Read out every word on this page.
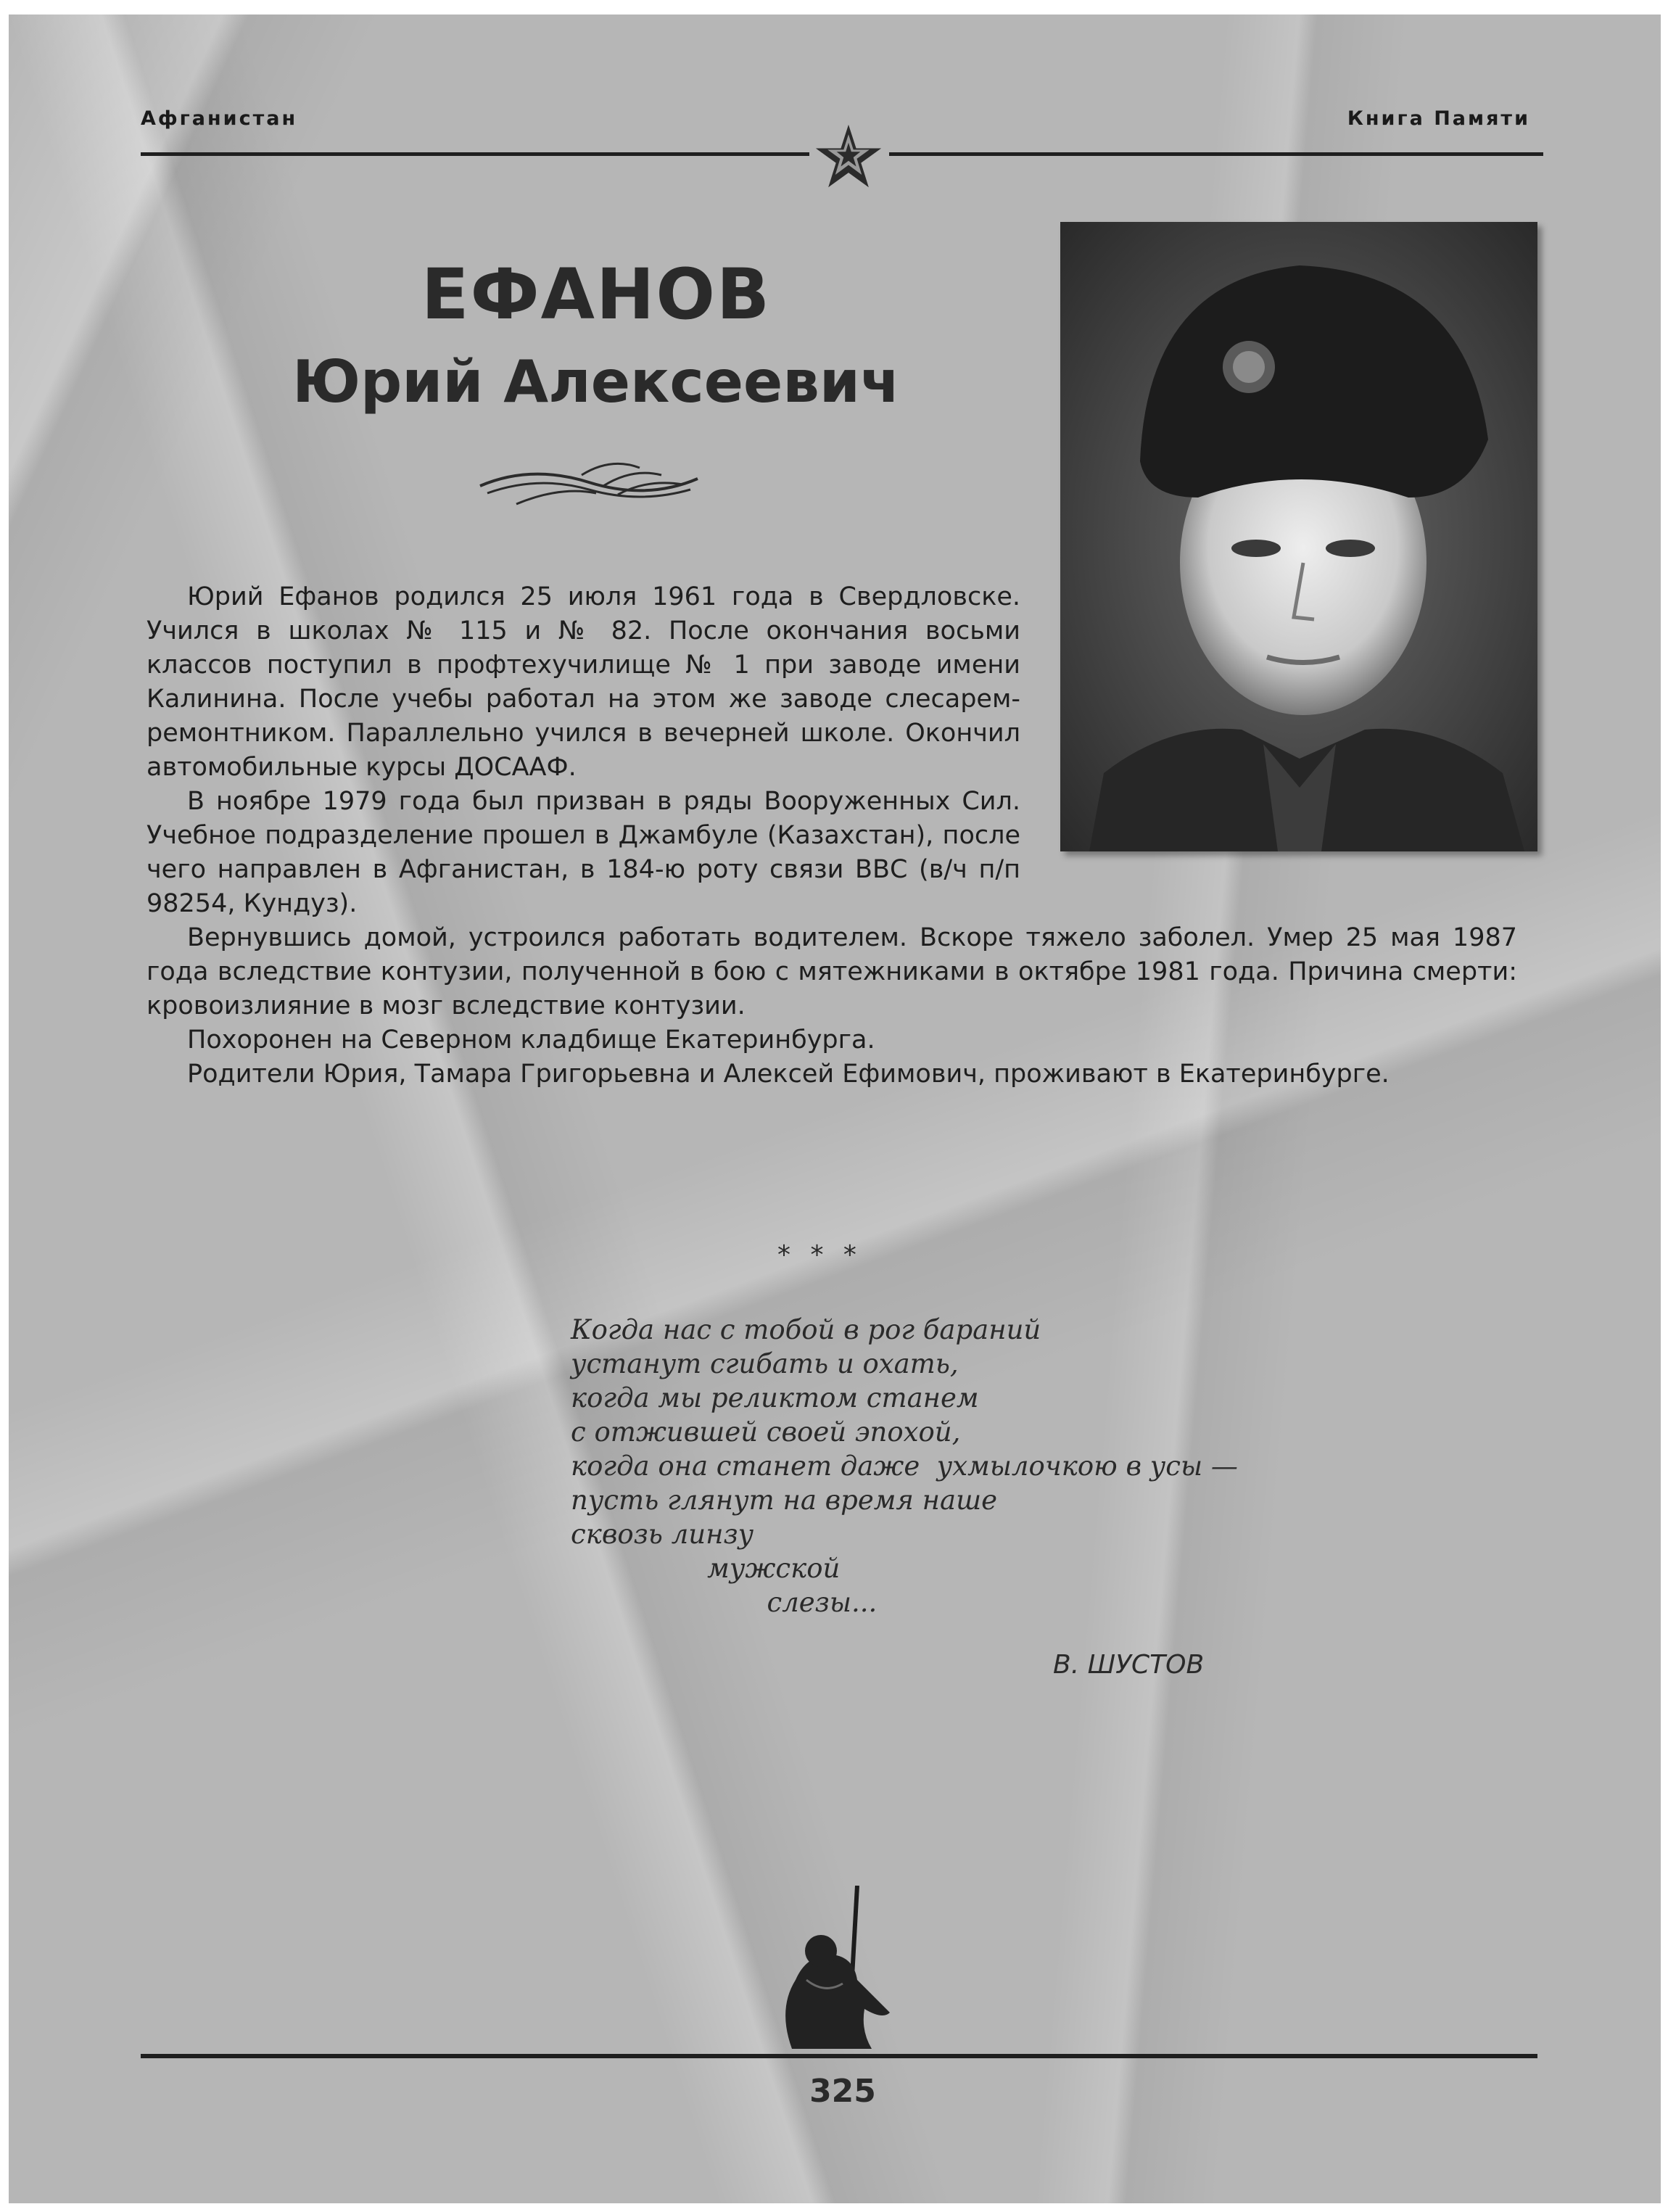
Афганистан	Книга Памяти
ЕФАНОВ
Юрий Алексеевич

Юрий Ефанов родился 25 июля 1961 года в Свердловске. Учился в школах № 115 и № 82. После окончания восьми классов поступил в профтехучилище № 1 при заводе имени Калинина. После учебы работал на этом же заводе слесарем-ремонтником. Параллельно учился в вечерней школе. Окончил автомобильные курсы ДОСААФ.

В ноябре 1979 года был призван в ряды Вооруженных Сил. Учебное подразделение прошел в Джамбуле (Казахстан), после чего направлен в Афганистан, в 184-ю роту связи ВВС (в/ч п/п 98254, Кундуз).

Вернувшись домой, устроился работать водителем. Вскоре тяжело заболел. Умер 25 мая 1987 года вследствие контузии, полученной в бою с мятежниками в октябре 1981 года. Причина смерти: кровоизлияние в мозг вследствие контузии.

Похоронен на Северном кладбище Екатеринбурга.

Родители Юрия, Тамара Григорьевна и Алексей Ефимович, проживают в Екатеринбурге.

* * *
Когда нас с тобой в рог бараний
устанут сгибать и охать,
когда мы реликтом станем
с отжившей своей эпохой,
когда она станет даже  ухмылочкою в усы —
пусть глянут на время наше
сквозь линзу
мужской
слезы...
В. ШУСТОВ
325
